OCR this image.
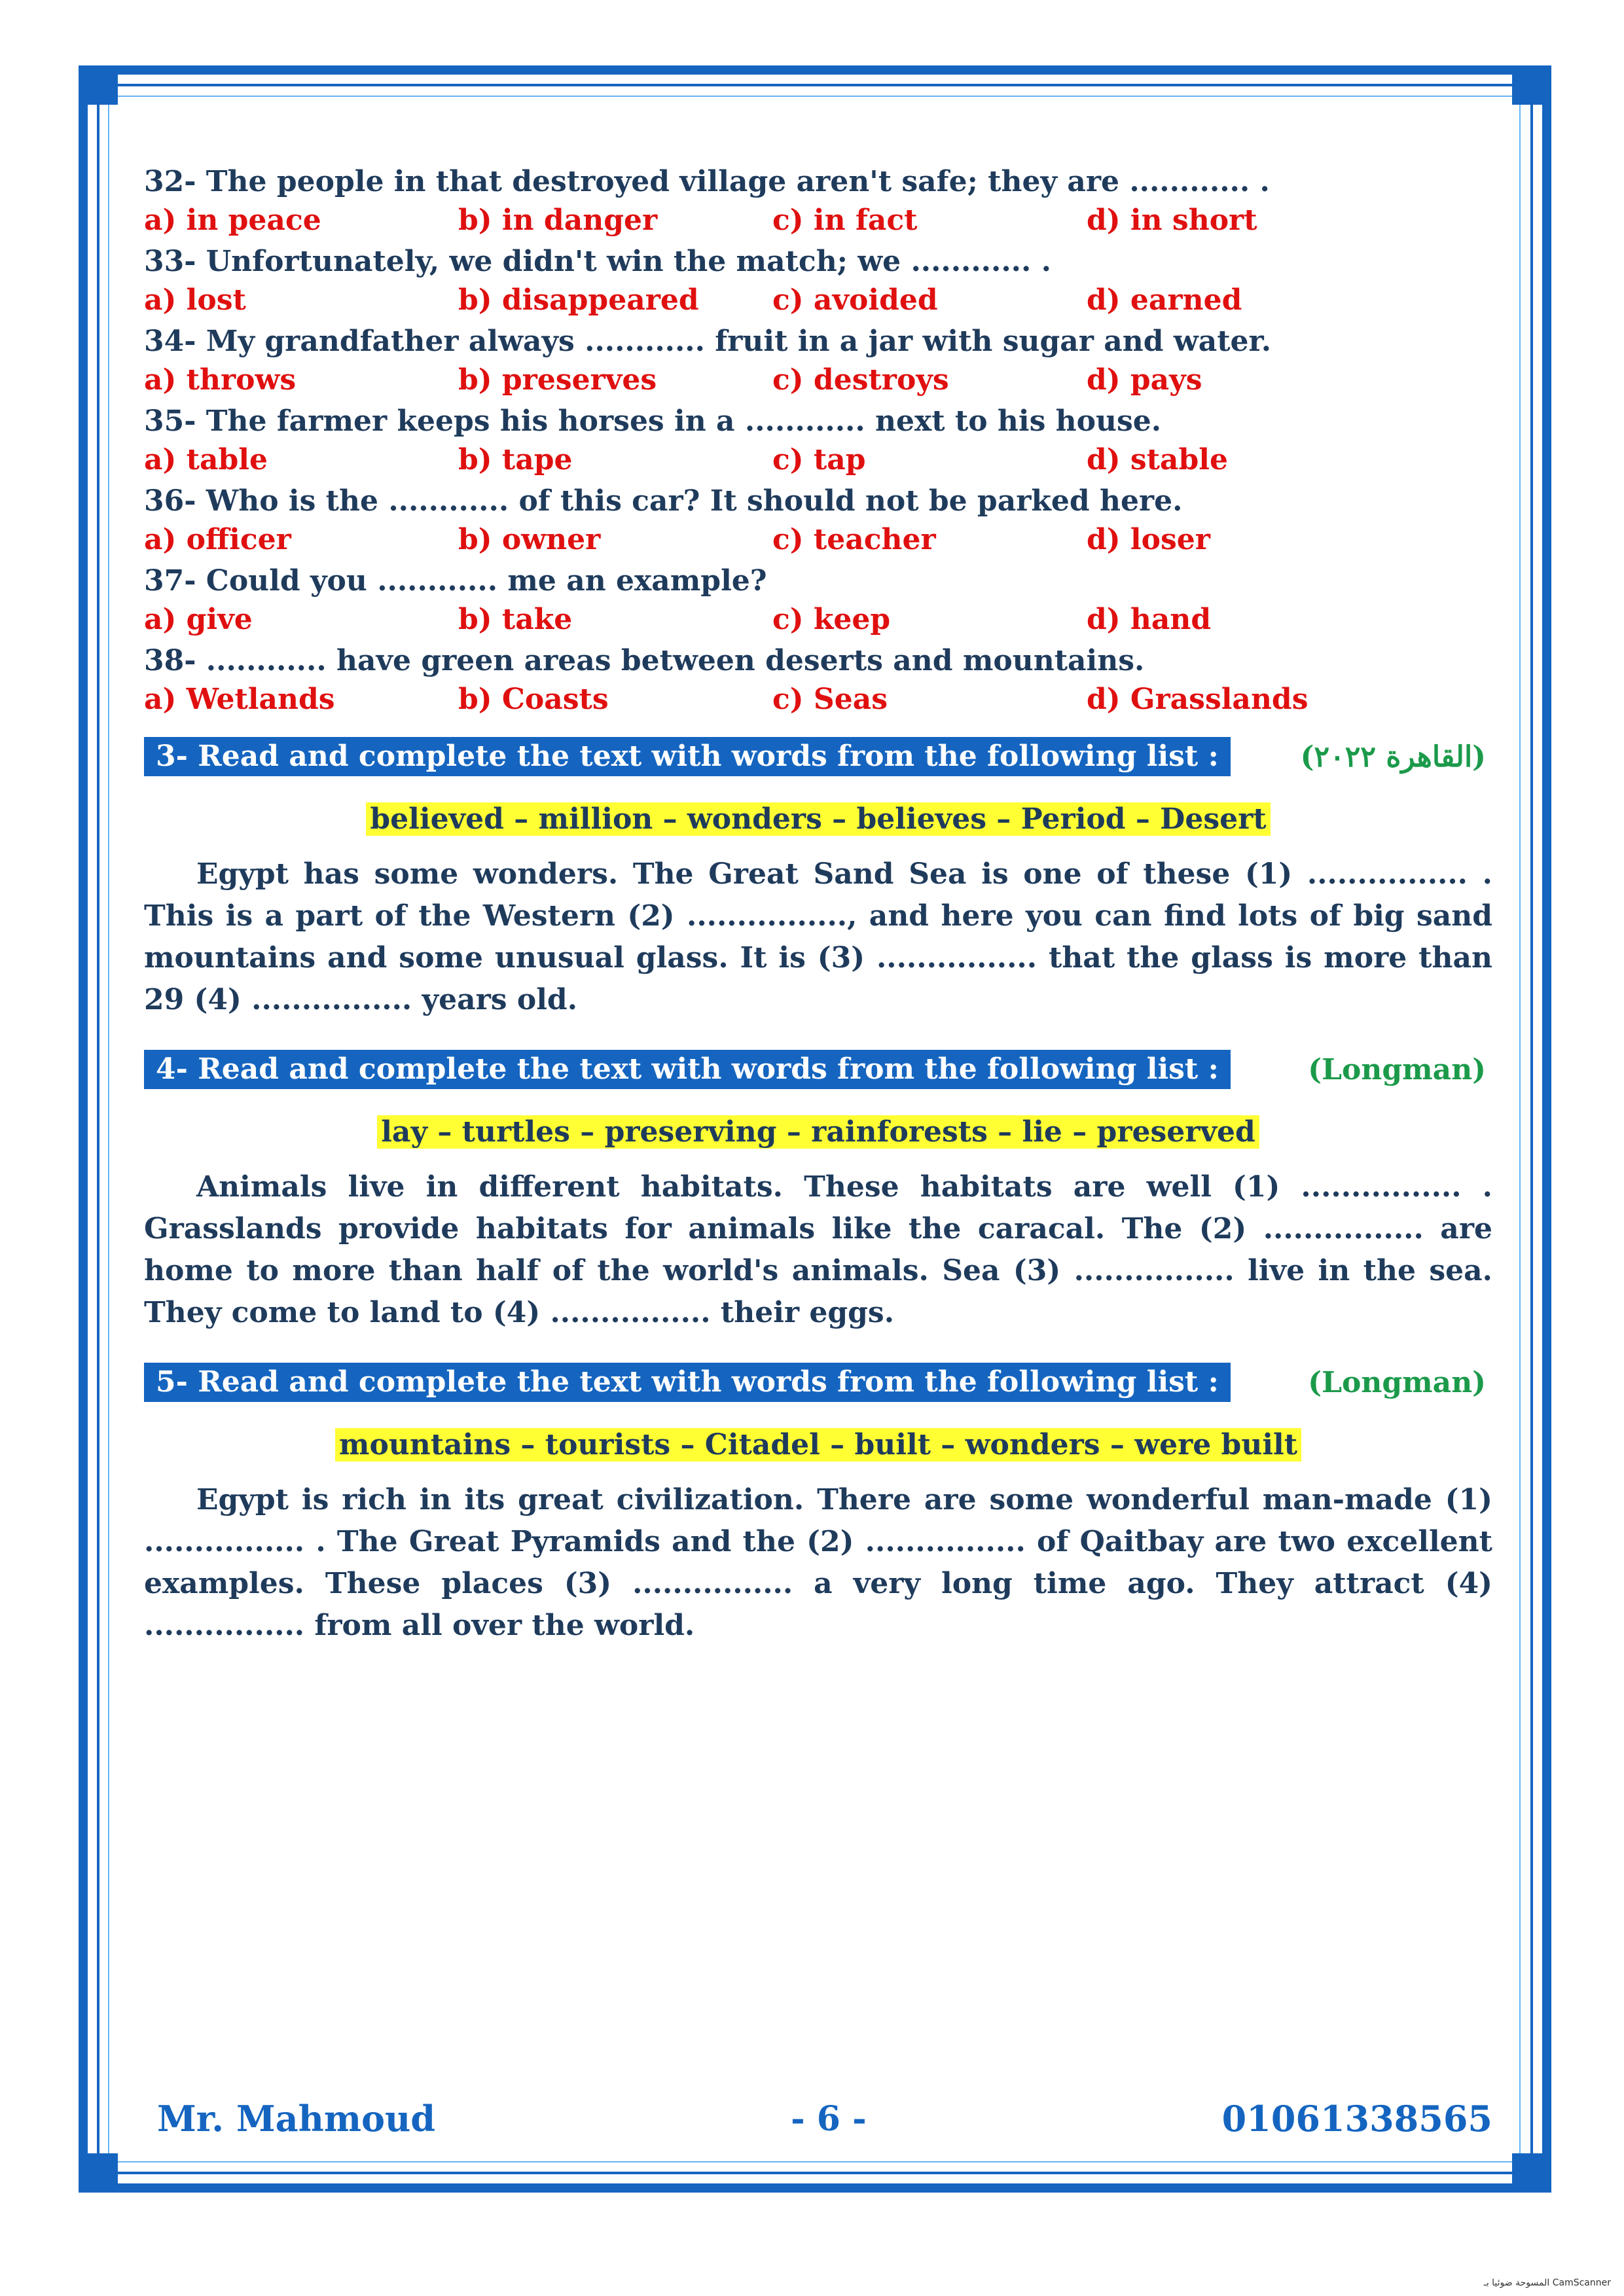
32- The people in that destroyed village aren't safe; they are ............ .

a) in peace	b) in danger	c) in fact	d) in short

33- Unfortunately, we didn't win the match; we ............ .

a) lost	b) disappeared	c) avoided	d) earned

34- My grandfather always ............ fruit in a jar with sugar and water.

a) throws	b) preserves	c) destroys	d) pays

35- The farmer keeps his horses in a ............ next to his house.

a) table	b) tape	c) tap	d) stable

36- Who is the ............ of this car? It should not be parked here.

a) officer	b) owner	c) teacher	d) loser

37- Could you ............ me an example?

a) give	b) take	c) keep	d) hand

38- ............ have green areas between deserts and mountains.

a) Wetlands	b) Coasts	c) Seas	d) Grasslands
3- Read and complete the text with words from the following list :	(القاهرة ٢٠٢٢)
believed – million – wonders – believes – Period – Desert

Egypt has some wonders. The Great Sand Sea is one of these (1) ................ . This is a part of the Western (2) ................, and here you can find lots of big sand mountains and some unusual glass. It is (3) ................ that the glass is more than 29 (4) ................ years old.

4- Read and complete the text with words from the following list :	(Longman)
lay – turtles – preserving – rainforests – lie – preserved

Animals live in different habitats. These habitats are well (1) ................ . Grasslands provide habitats for animals like the caracal. The (2) ................ are home to more than half of the world's animals. Sea (3) ................ live in the sea. They come to land to (4) ................ their eggs.

5- Read and complete the text with words from the following list :	(Longman)
mountains – tourists – Citadel – built – wonders – were built

Egypt is rich in its great civilization. There are some wonderful man-made (1) ................ . The Great Pyramids and the (2) ................ of Qaitbay are two excellent examples. These places (3) ................ a very long time ago. They attract (4) ................ from all over the world.

Mr. Mahmoud	- 6 -	01061338565
CamScanner المسوحة ضوئيا بـ
